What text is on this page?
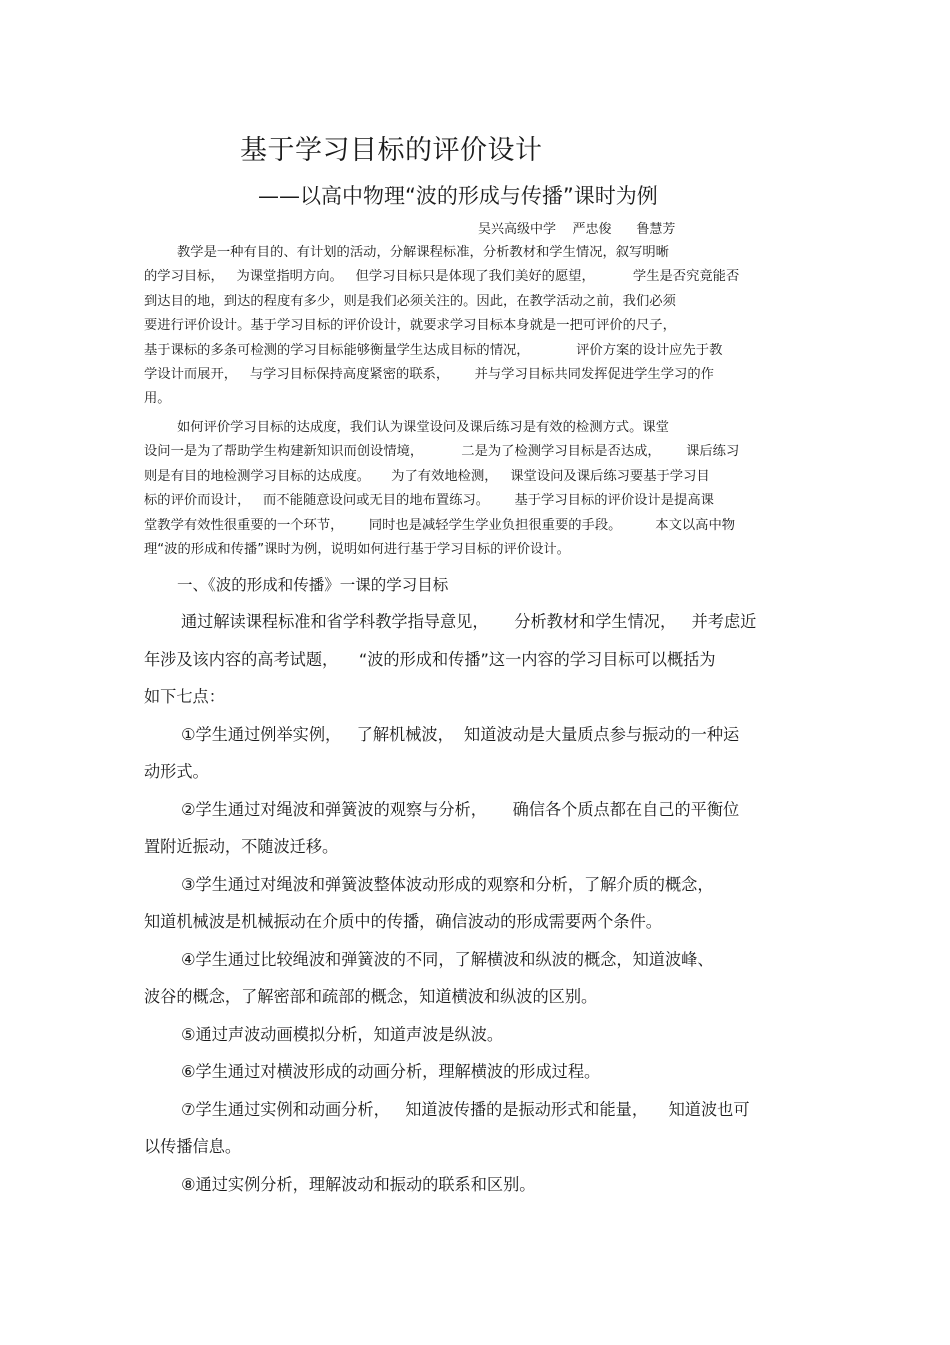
基于学习目标的评价设计
——以高中物理“波的形成与传播”课时为例
吴兴高级中学    严忠俊      鲁慧芳
教学是一种有目的、有计划的活动，分解课程标准，分析教材和学生情况，叙写明晰
的学习目标，   为课堂指明方向。   但学习目标只是体现了我们美好的愿望，         学生是否究竟能否
到达目的地，到达的程度有多少，则是我们必须关注的。因此，在教学活动之前，我们必须
要进行评价设计。基于学习目标的评价设计，就要求学习目标本身就是一把可评价的尺子，
基于课标的多条可检测的学习目标能够衡量学生达成目标的情况，           评价方案的设计应先于教
学设计而展开，   与学习目标保持高度紧密的联系，      并与学习目标共同发挥促进学生学习的作
用。
如何评价学习目标的达成度，我们认为课堂设问及课后练习是有效的检测方式。课堂
设问一是为了帮助学生构建新知识而创设情境，         二是为了检测学习目标是否达成，      课后练习
则是有目的地检测学习目标的达成度。     为了有效地检测，   课堂设问及课后练习要基于学习目
标的评价而设计，   而不能随意设问或无目的地布置练习。      基于学习目标的评价设计是提高课
堂教学有效性很重要的一个环节，      同时也是减轻学生学业负担很重要的手段。        本文以高中物
理“波的形成和传播”课时为例，说明如何进行基于学习目标的评价设计。
一、《波的形成和传播》一课的学习目标
通过解读课程标准和省学科教学指导意见，     分析教材和学生情况，   并考虑近
年涉及该内容的高考试题，    “波的形成和传播”这一内容的学习目标可以概括为
如下七点：
①学生通过例举实例，   了解机械波，  知道波动是大量质点参与振动的一种运
动形式。
②学生通过对绳波和弹簧波的观察与分析，     确信各个质点都在自己的平衡位
置附近振动，不随波迁移。
③学生通过对绳波和弹簧波整体波动形成的观察和分析，了解介质的概念，
知道机械波是机械振动在介质中的传播，确信波动的形成需要两个条件。
④学生通过比较绳波和弹簧波的不同，了解横波和纵波的概念，知道波峰、
波谷的概念，了解密部和疏部的概念，知道横波和纵波的区别。
⑤通过声波动画模拟分析，知道声波是纵波。
⑥学生通过对横波形成的动画分析，理解横波的形成过程。
⑦学生通过实例和动画分析，   知道波传播的是振动形式和能量，    知道波也可
以传播信息。
⑧通过实例分析，理解波动和振动的联系和区别。
